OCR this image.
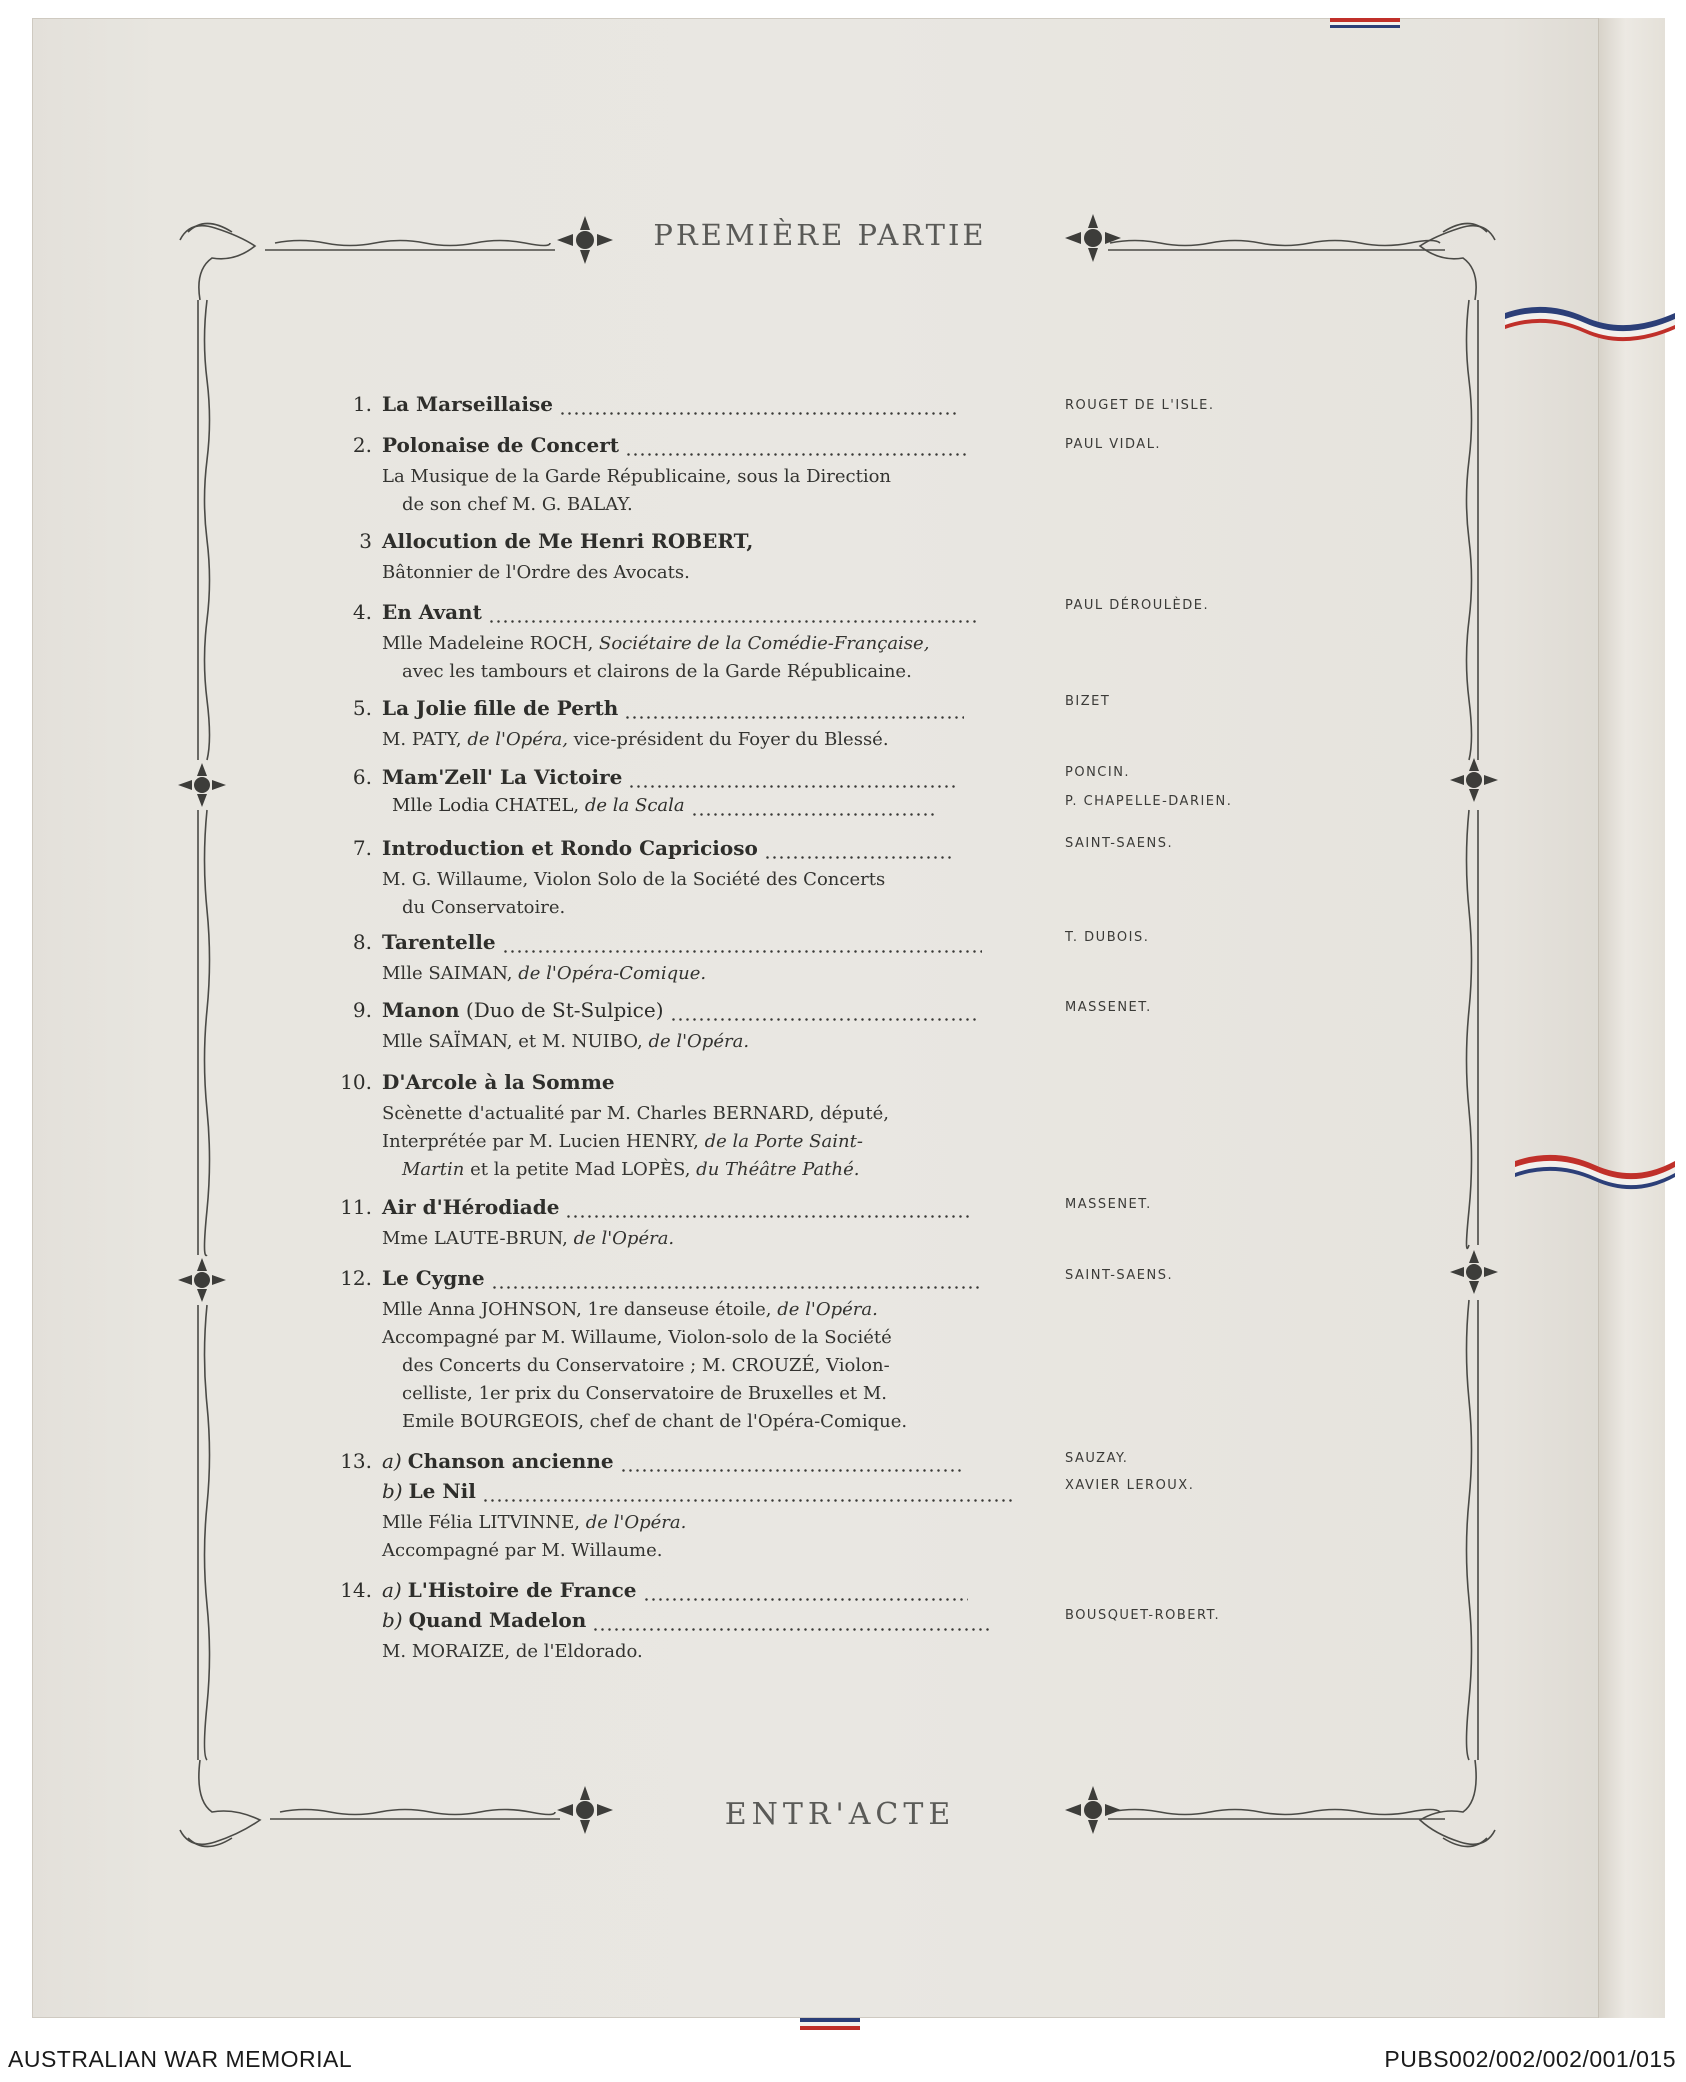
PREMIÈRE PARTIE
1. La Marseillaise	ROUGET DE L'ISLE.
2. Polonaise de Concert	PAUL VIDAL.
La Musique de la Garde Républicaine, sous la Direction
de son chef M. G. BALAY.
3 Allocution de Me Henri ROBERT,
Bâtonnier de l'Ordre des Avocats.
4. En Avant	PAUL DÉROULÈDE.
Mlle Madeleine ROCH, Sociétaire de la Comédie-Française,
avec les tambours et clairons de la Garde Républicaine.
5. La Jolie fille de Perth	BIZET
M. PATY, de l'Opéra, vice-président du Foyer du Blessé.
6. Mam'Zell' La Victoire	PONCIN.
Mlle Lodia CHATEL, de la Scala	P. CHAPELLE-DARIEN.
7. Introduction et Rondo Capricioso	SAINT-SAENS.
M. G. Willaume, Violon Solo de la Société des Concerts
du Conservatoire.
8. Tarentelle	T. DUBOIS.
Mlle SAIMAN, de l'Opéra-Comique.
9. Manon (Duo de St-Sulpice)	MASSENET.
Mlle SAÏMAN, et M. NUIBO, de l'Opéra.
10. D'Arcole à la Somme
Scènette d'actualité par M. Charles BERNARD, député,
Interprétée par M. Lucien HENRY, de la Porte Saint-
Martin et la petite Mad LOPÈS, du Théâtre Pathé.
11. Air d'Hérodiade	MASSENET.
Mme LAUTE-BRUN, de l'Opéra.
12. Le Cygne	SAINT-SAENS.
Mlle Anna JOHNSON, 1re danseuse étoile, de l'Opéra.
Accompagné par M. Willaume, Violon-solo de la Société
des Concerts du Conservatoire ; M. CROUZÉ, Violon-
celliste, 1er prix du Conservatoire de Bruxelles et M.
Emile BOURGEOIS, chef de chant de l'Opéra-Comique.
13. a) Chanson ancienne	SAUZAY.
b) Le Nil	XAVIER LEROUX.
Mlle Félia LITVINNE, de l'Opéra.
Accompagné par M. Willaume.
14. a) L'Histoire de France
b) Quand Madelon	BOUSQUET-ROBERT.
M. MORAIZE, de l'Eldorado.
ENTR'ACTE
AUSTRALIAN WAR MEMORIAL	PUBS002/002/002/001/015
